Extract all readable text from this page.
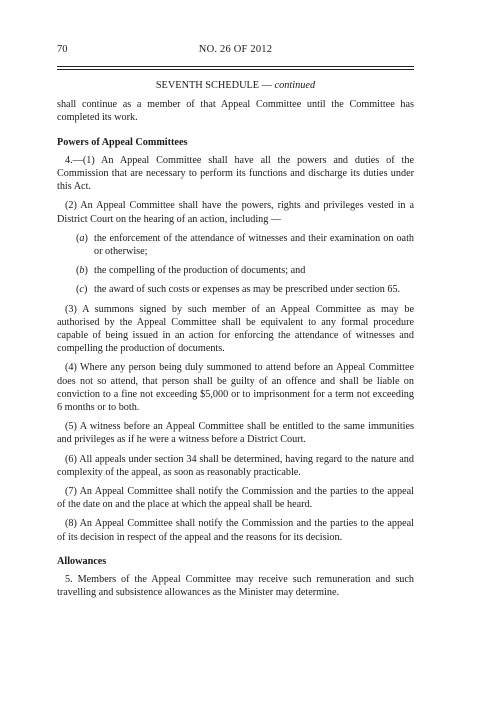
70	NO. 26 OF 2012
SEVENTH SCHEDULE — continued

shall continue as a member of that Appeal Committee until the Committee has completed its work.

Powers of Appeal Committees

4.—(1) An Appeal Committee shall have all the powers and duties of the Commission that are necessary to perform its functions and discharge its duties under this Act.

(2) An Appeal Committee shall have the powers, rights and privileges vested in a District Court on the hearing of an action, including —

(a) the enforcement of the attendance of witnesses and their examination on oath or otherwise;
(b) the compelling of the production of documents; and
(c) the award of such costs or expenses as may be prescribed under section 65.

(3) A summons signed by such member of an Appeal Committee as may be authorised by the Appeal Committee shall be equivalent to any formal procedure capable of being issued in an action for enforcing the attendance of witnesses and compelling the production of documents.

(4) Where any person being duly summoned to attend before an Appeal Committee does not so attend, that person shall be guilty of an offence and shall be liable on conviction to a fine not exceeding $5,000 or to imprisonment for a term not exceeding 6 months or to both.

(5) A witness before an Appeal Committee shall be entitled to the same immunities and privileges as if he were a witness before a District Court.

(6) All appeals under section 34 shall be determined, having regard to the nature and complexity of the appeal, as soon as reasonably practicable.

(7) An Appeal Committee shall notify the Commission and the parties to the appeal of the date on and the place at which the appeal shall be heard.

(8) An Appeal Committee shall notify the Commission and the parties to the appeal of its decision in respect of the appeal and the reasons for its decision.

Allowances

5. Members of the Appeal Committee may receive such remuneration and such travelling and subsistence allowances as the Minister may determine.
